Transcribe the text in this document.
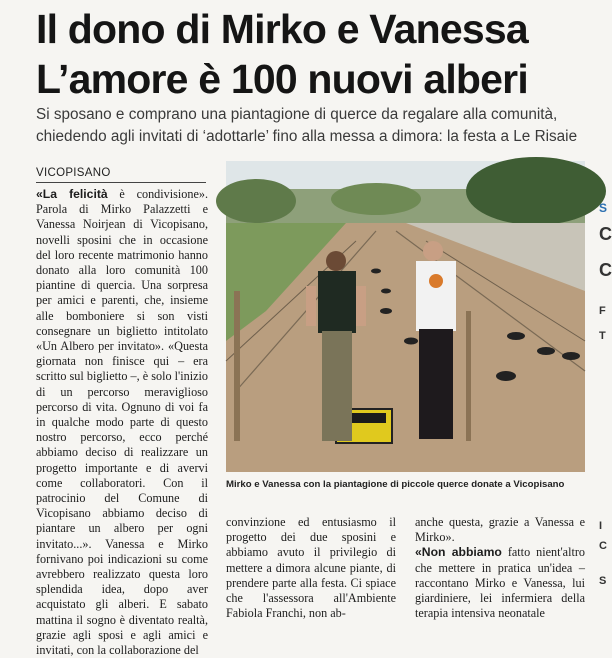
Il dono di Mirko e Vanessa
L’amore è 100 nuovi alberi
Si sposano e comprano una piantagione di querce da regalare alla comunità,
chiedendo agli invitati di ‘adottarle’ fino alla messa a dimora: la festa a Le Risaie
VICOPISANO
«La felicità è condivisione». Parola di Mirko Palazzetti e Vanessa Noirjean di Vicopisano, novelli sposini che in occasione del loro recente matrimonio hanno donato alla loro comunità 100 piantine di quercia. Una sorpresa per amici e parenti, che, insieme alle bomboniere si son visti consegnare un biglietto intitolato «Un Albero per invitato». «Questa giornata non finisce qui – era scritto sul biglietto –, è solo l'inizio di un percorso meraviglioso percorso di vita. Ognuno di voi fa in qualche modo parte di questo nostro percorso, ecco perché abbiamo deciso di realizzare un progetto importante e di avervi come collaboratori. Con il patrocinio del Comune di Vicopisano abbiamo deciso di piantare un albero per ogni invitato...». Vanessa e Mirko fornivano poi indicazioni su come avrebbero realizzato questa loro splendida idea, dopo aver acquistato gli alberi. E sabato mattina il sogno è diventato realtà, grazie agli sposi e agli amici e invitati, con la collaborazione del
Mirko e Vanessa con la piantagione di piccole querce donate a Vicopisano
convinzione ed entusiasmo il progetto dei due sposini e abbiamo avuto il privilegio di mettere a dimora alcune piante, di prendere parte alla festa. Ci spiace che l'assessora all'Ambiente Fabiola Franchi, non ab-
anche questa, grazie a Vanessa e Mirko».
«Non abbiamo fatto nient'altro che mettere in pratica un'idea – raccontano Mirko e Vanessa, lui giardiniere, lei infermiera della terapia intensiva neonatale
S
C
C
F
T
I
C
S
